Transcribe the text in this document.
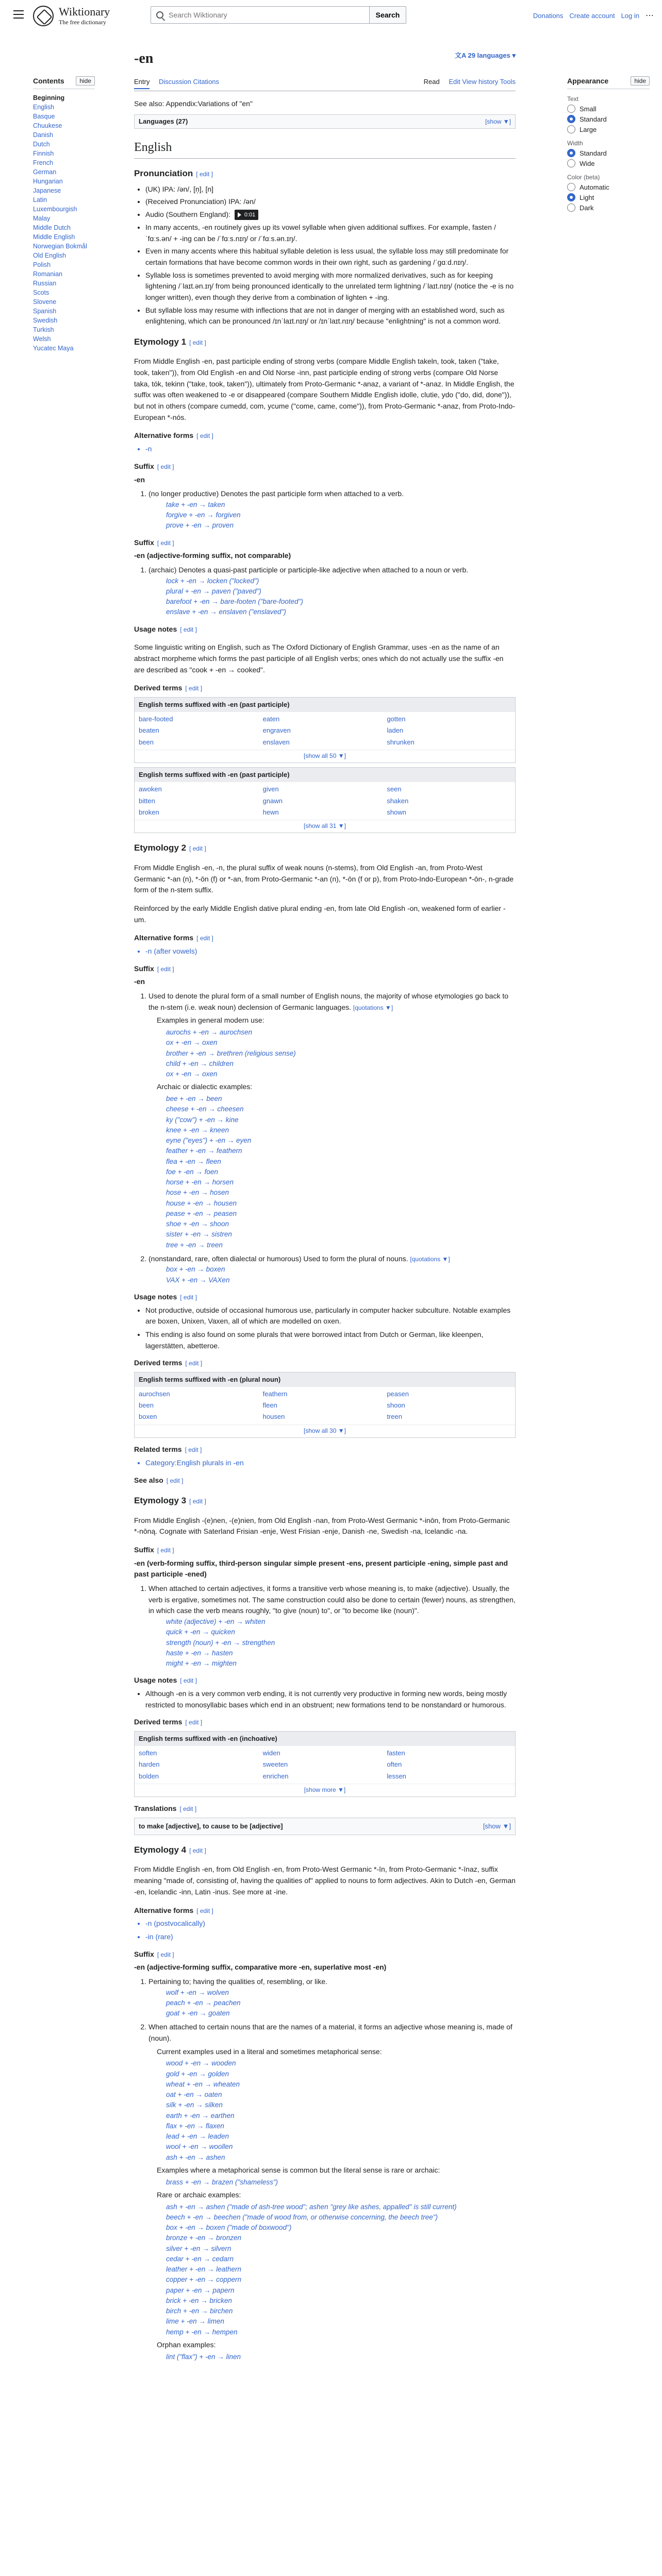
Wiktionary
The free dictionary
Search Wiktionary
Search	Donations Create account Log in ⋯
Contents	hide
Beginning
English
Basque
Chuukese
Danish
Dutch
Finnish
French
German
Hungarian
Japanese
Latin
Luxembourgish
Malay
Middle Dutch
Middle English
Norwegian Bokmål
Old English
Polish
Romanian
Russian
Scots
Slovene
Spanish
Swedish
Turkish
Welsh
Yucatec Maya
-en	文A 29 languages ▾
Entry Discussion Citations	Read Edit View history Tools
See also: Appendix:Variations of "en"
Languages (27)	[show ▼]
English
Pronunciation [ edit ]
• (UK) IPA: /ən/, [n̩], [n]
• (Received Pronunciation) IPA: /ən/
• Audio (Southern England): 0:01
• In many accents, -en routinely gives up its vowel syllable when given additional suffixes. For example, fasten /ˈfɑːs.ən/ + -ing can be /ˈfɑːs.nɪŋ/ or /ˈfɑːs.ən.ɪŋ/.
• Even in many accents where this habitual syllable deletion is less usual, the syllable loss may still predominate for certain formations that have become common words in their own right, such as gardening /ˈɡɑːd.nɪŋ/.
• Syllable loss is sometimes prevented to avoid merging with more normalized derivatives, such as for keeping lightening /ˈlaɪt.ən.ɪŋ/ from being pronounced identically to the unrelated term lightning /ˈlaɪt.nɪŋ/ (notice the -e is no longer written), even though they derive from a combination of lighten + -ing.
• But syllable loss may resume with inflections that are not in danger of merging with an established word, such as enlightening, which can be pronounced /ɪnˈlaɪt.nɪŋ/ or /ɪnˈlaɪt.nɪŋ/ because "enlightning" is not a common word.
Etymology 1 [ edit ]

From Middle English -en, past participle ending of strong verbs (compare Middle English takeln, took, taken ("take, took, taken")), from Old English -en and Old Norse -inn, past participle ending of strong verbs (compare Old Norse taka, tók, tekinn ("take, took, taken")), ultimately from Proto-Germanic *-anaz, a variant of *-anaz. In Middle English, the suffix was often weakened to -e or disappeared (compare Southern Middle English idolle, clutie, ydo ("do, did, done")), but not in others (compare cumedd, com, ycume ("come, came, come")), from Proto-Germanic *-anaz, from Proto-Indo-European *-nós.

Alternative forms [ edit ]
• -n
Suffix [ edit ]
-en
1. (no longer productive) Denotes the past participle form when attached to a verb.
take + -en → taken
forgive + -en → forgiven
prove + -en → proven
Suffix [ edit ]
-en (adjective-forming suffix, not comparable)
1. (archaic) Denotes a quasi-past participle or participle-like adjective when attached to a noun or verb.
lock + -en → locken ("locked")
plural + -en → paven ("paved")
barefoot + -en → bare-footen ("bare-footed")
enslave + -en → enslaven ("enslaved")
Usage notes [ edit ]

Some linguistic writing on English, such as The Oxford Dictionary of English Grammar, uses -en as the name of an abstract morpheme which forms the past participle of all English verbs; ones which do not actually use the suffix -en are described as "cook + -en → cooked".

Derived terms [ edit ]
English terms suffixed with -en (past participle)
bare-footed	eaten	gotten
beaten	engraven	laden
been	enslaven	shrunken
[show all 50 ▼]
English terms suffixed with -en (past participle)
awoken	given	seen
bitten	gnawn	shaken
broken	hewn	shown
[show all 31 ▼]
Etymology 2 [ edit ]

From Middle English -en, -n, the plural suffix of weak nouns (n-stems), from Old English -an, from Proto-West Germanic *-an (n), *-ōn (f) or *-an, from Proto-Germanic *-an (n), *-ōn (f or p), from Proto-Indo-European *-ōn-, n-grade form of the n-stem suffix.

Reinforced by the early Middle English dative plural ending -en, from late Old English -on, weakened form of earlier -um.

Alternative forms [ edit ]
• -n (after vowels)
Suffix [ edit ]
-en
1. Used to denote the plural form of a small number of English nouns, the majority of whose etymologies go back to the n-stem (i.e. weak noun) declension of Germanic languages. [quotations ▼]
Examples in general modern use:
aurochs + -en → aurochsen
ox + -en → oxen
brother + -en → brethren (religious sense)
child + -en → children
ox + -en → oxen
Archaic or dialectic examples:
bee + -en → been
cheese + -en → cheesen
ky ("cow") + -en → kine
knee + -en → kneen
eyne ("eyes") + -en → eyen
feather + -en → feathern
flea + -en → fleen
foe + -en → foen
horse + -en → horsen
hose + -en → hosen
house + -en → housen
pease + -en → peasen
shoe + -en → shoon
sister + -en → sistren
tree + -en → treen
2. (nonstandard, rare, often dialectal or humorous) Used to form the plural of nouns. [quotations ▼]
box + -en → boxen
VAX + -en → VAXen
Usage notes [ edit ]
• Not productive, outside of occasional humorous use, particularly in computer hacker subculture. Notable examples are boxen, Unixen, Vaxen, all of which are modelled on oxen.
• This ending is also found on some plurals that were borrowed intact from Dutch or German, like kleenpen, lagerstätten, abetteroe.
Derived terms [ edit ]
English terms suffixed with -en (plural noun)
aurochsen	feathern	peasen
been	fleen	shoon
boxen	housen	treen
[show all 30 ▼]
Related terms [ edit ]
• Category:English plurals in -en
See also [ edit ]
Etymology 3 [ edit ]

From Middle English -(e)nen, -(e)nien, from Old English -nan, from Proto-West Germanic *-inōn, from Proto-Germanic *-nōną. Cognate with Saterland Frisian -enje, West Frisian -enje, Danish -ne, Swedish -na, Icelandic -na.

Suffix [ edit ]
-en (verb-forming suffix, third-person singular simple present -ens, present participle -ening, simple past and past participle -ened)
1. When attached to certain adjectives, it forms a transitive verb whose meaning is, to make (adjective). Usually, the verb is ergative, sometimes not. The same construction could also be done to certain (fewer) nouns, as strengthen, in which case the verb means roughly, "to give (noun) to", or "to become like (noun)".
white (adjective) + -en → whiten
quick + -en → quicken
strength (noun) + -en → strengthen
haste + -en → hasten
might + -en → mighten
Usage notes [ edit ]
• Although -en is a very common verb ending, it is not currently very productive in forming new words, being mostly restricted to monosyllabic bases which end in an obstruent; new formations tend to be nonstandard or humorous.
Derived terms [ edit ]
English terms suffixed with -en (inchoative)
soften	widen	fasten
harden	sweeten	often
bolden	enrichen	lessen
[show more ▼]
Translations [ edit ]
to make [adjective], to cause to be [adjective]	[show ▼]
Etymology 4 [ edit ]

From Middle English -en, from Old English -en, from Proto-West Germanic *-īn, from Proto-Germanic *-īnaz, suffix meaning "made of, consisting of, having the qualities of" applied to nouns to form adjectives. Akin to Dutch -en, German -en, Icelandic -inn, Latin -inus. See more at -ine.

Alternative forms [ edit ]
• -n (postvocalically)
• -in (rare)
Suffix [ edit ]
-en (adjective-forming suffix, comparative more -en, superlative most -en)
1. Pertaining to; having the qualities of, resembling, or like.
wolf + -en → wolven
peach + -en → peachen
goat + -en → goaten
2. When attached to certain nouns that are the names of a material, it forms an adjective whose meaning is, made of (noun).
Current examples used in a literal and sometimes metaphorical sense:
wood + -en → wooden
gold + -en → golden
wheat + -en → wheaten
oat + -en → oaten
silk + -en → silken
earth + -en → earthen
flax + -en → flaxen
lead + -en → leaden
wool + -en → woollen
ash + -en → ashen
Examples where a metaphorical sense is common but the literal sense is rare or archaic:
brass + -en → brazen ("shameless")
Rare or archaic examples:
ash + -en → ashen ("made of ash-tree wood"; ashen "grey like ashes, appalled" is still current)
beech + -en → beechen ("made of wood from, or otherwise concerning, the beech tree")
box + -en → boxen ("made of boxwood")
bronze + -en → bronzen
silver + -en → silvern
cedar + -en → cedarn
leather + -en → leathern
copper + -en → coppern
paper + -en → papern
brick + -en → bricken
birch + -en → birchen
lime + -en → limen
hemp + -en → hempen
Orphan examples:
lint ("flax") + -en → linen
Appearance	hide
Text
Small
Standard
Large
Width
Standard
Wide
Color (beta)
Automatic
Light
Dark
